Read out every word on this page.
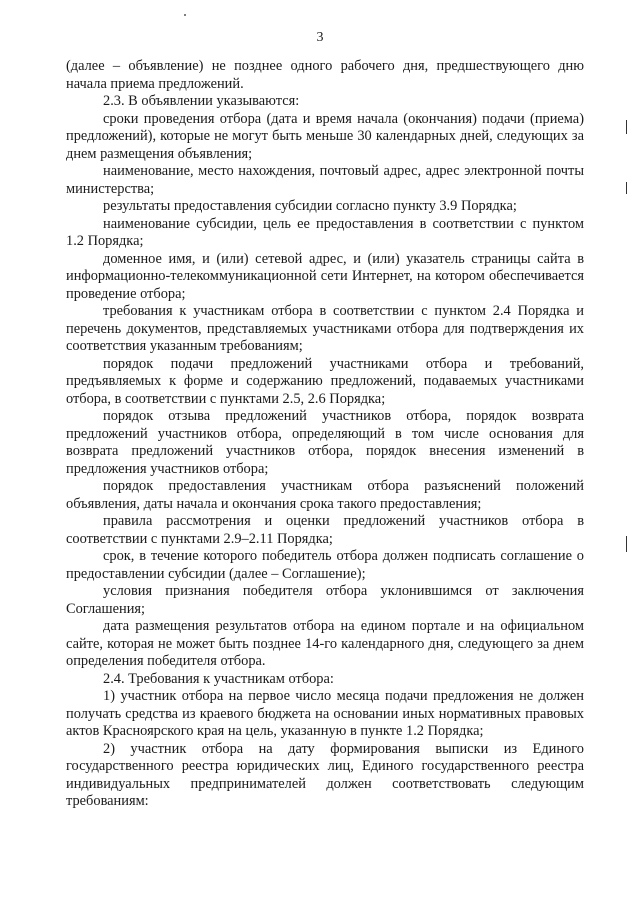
3

(далее – объявление) не позднее одного рабочего дня, предшествующего дню начала приема предложений.

2.3. В объявлении указываются:

сроки проведения отбора (дата и время начала (окончания) подачи (приема) предложений), которые не могут быть меньше 30 календарных дней, следующих за днем размещения объявления;

наименование, место нахождения, почтовый адрес, адрес электронной почты министерства;

результаты предоставления субсидии согласно пункту 3.9 Порядка;

наименование субсидии, цель ее предоставления в соответствии с пунктом 1.2 Порядка;

доменное имя, и (или) сетевой адрес, и (или) указатель страницы сайта в информационно-телекоммуникационной сети Интернет, на котором обеспечивается проведение отбора;

требования к участникам отбора в соответствии с пунктом 2.4 Порядка и перечень документов, представляемых участниками отбора для подтверждения их соответствия указанным требованиям;

порядок подачи предложений участниками отбора и требований, предъявляемых к форме и содержанию предложений, подаваемых участниками отбора, в соответствии с пунктами 2.5, 2.6 Порядка;

порядок отзыва предложений участников отбора, порядок возврата предложений участников отбора, определяющий в том числе основания для возврата предложений участников отбора, порядок внесения изменений в предложения участников отбора;

порядок предоставления участникам отбора разъяснений положений объявления, даты начала и окончания срока такого предоставления;

правила рассмотрения и оценки предложений участников отбора в соответствии с пунктами 2.9–2.11 Порядка;

срок, в течение которого победитель отбора должен подписать соглашение о предоставлении субсидии (далее – Соглашение);

условия признания победителя отбора уклонившимся от заключения Соглашения;

дата размещения результатов отбора на едином портале и на официальном сайте, которая не может быть позднее 14-го календарного дня, следующего за днем определения победителя отбора.

2.4. Требования к участникам отбора:

1) участник отбора на первое число месяца подачи предложения не должен получать средства из краевого бюджета на основании иных нормативных правовых актов Красноярского края на цель, указанную в пункте 1.2 Порядка;

2) участник отбора на дату формирования выписки из Единого государственного реестра юридических лиц, Единого государственного реестра индивидуальных предпринимателей должен соответствовать следующим требованиям:
